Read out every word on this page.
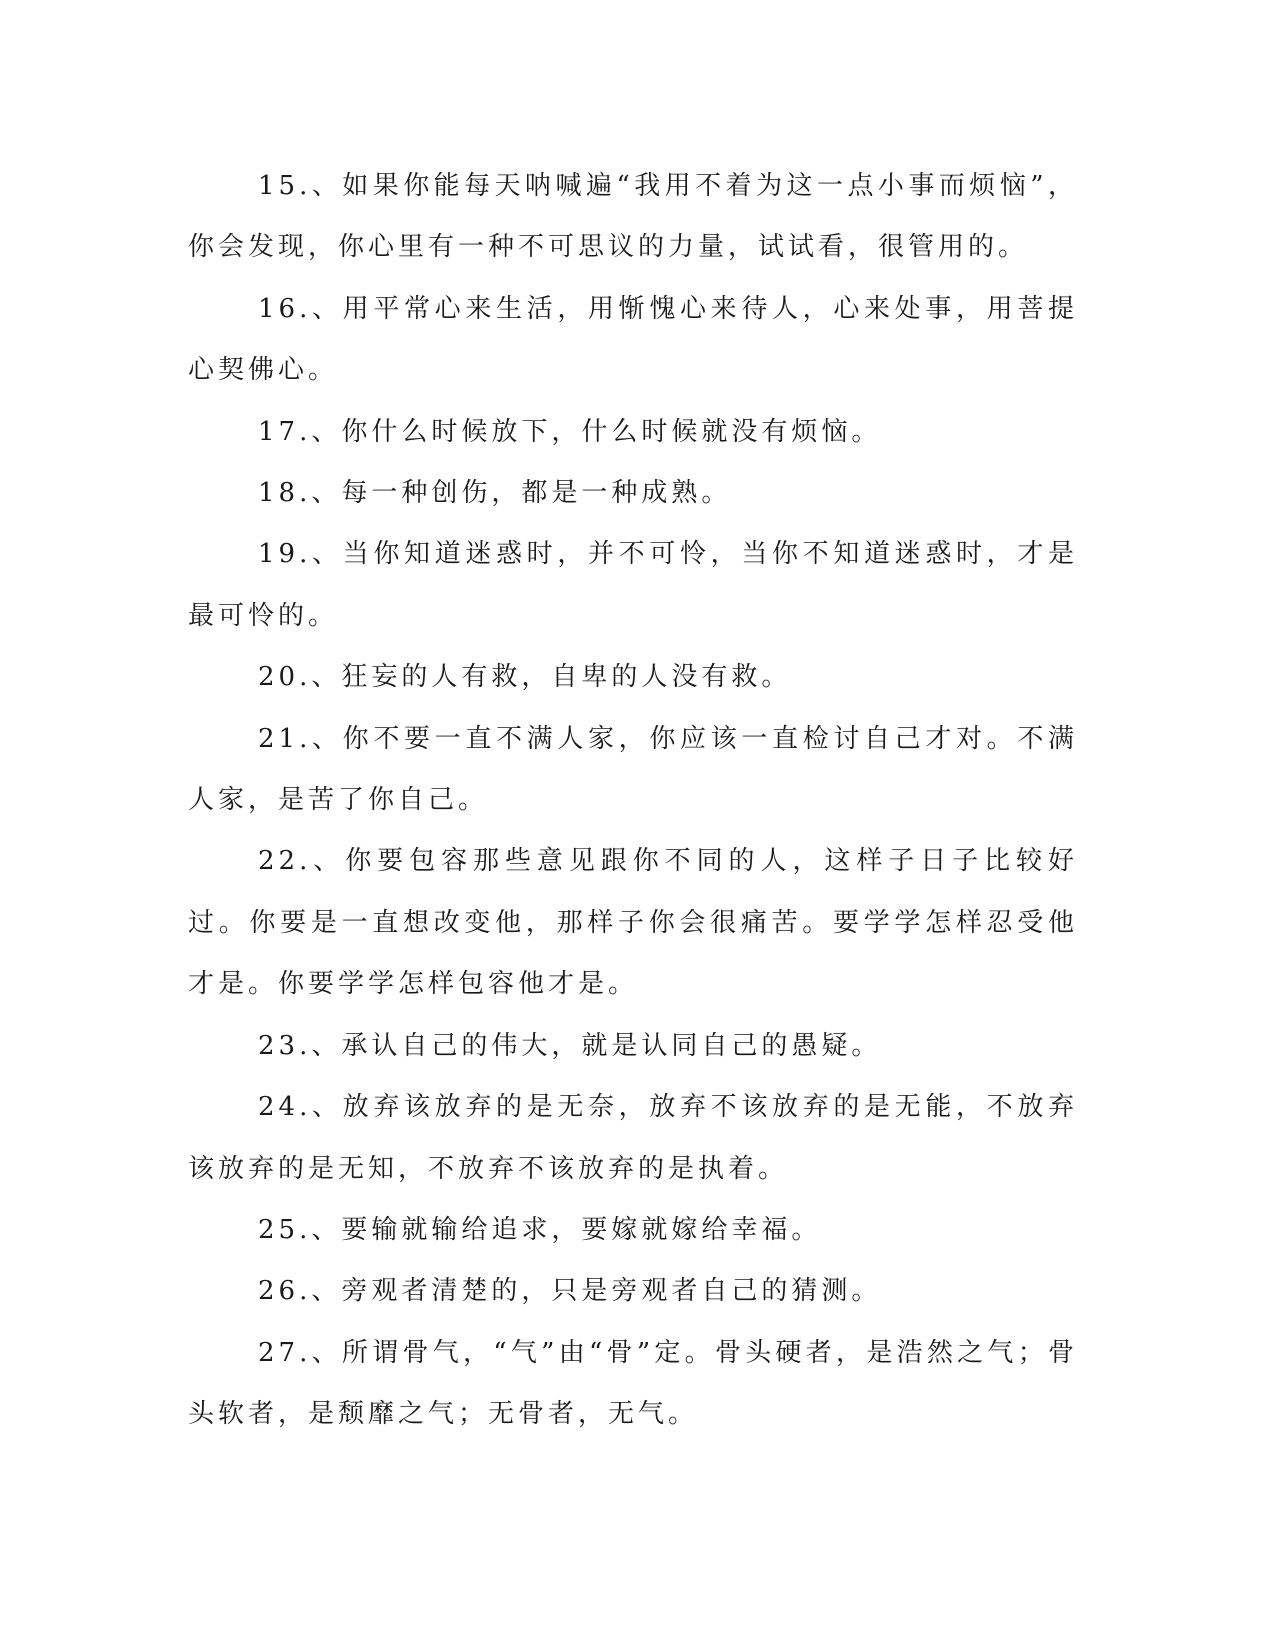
15.、如果你能每天呐喊遍“我用不着为这一点小事而烦恼”，你会发现，你心里有一种不可思议的力量，试试看，很管用的。

16.、用平常心来生活，用惭愧心来待人，心来处事，用菩提心契佛心。

17.、你什么时候放下，什么时候就没有烦恼。

18.、每一种创伤，都是一种成熟。

19.、当你知道迷惑时，并不可怜，当你不知道迷惑时，才是最可怜的。

20.、狂妄的人有救，自卑的人没有救。

21.、你不要一直不满人家，你应该一直检讨自己才对。不满人家，是苦了你自己。

22.、你要包容那些意见跟你不同的人，这样子日子比较好过。你要是一直想改变他，那样子你会很痛苦。要学学怎样忍受他才是。你要学学怎样包容他才是。

23.、承认自己的伟大，就是认同自己的愚疑。

24.、放弃该放弃的是无奈，放弃不该放弃的是无能，不放弃该放弃的是无知，不放弃不该放弃的是执着。

25.、要输就输给追求，要嫁就嫁给幸福。

26.、旁观者清楚的，只是旁观者自己的猜测。

27.、所谓骨气，“气”由“骨”定。骨头硬者，是浩然之气；骨头软者，是颓靡之气；无骨者，无气。
